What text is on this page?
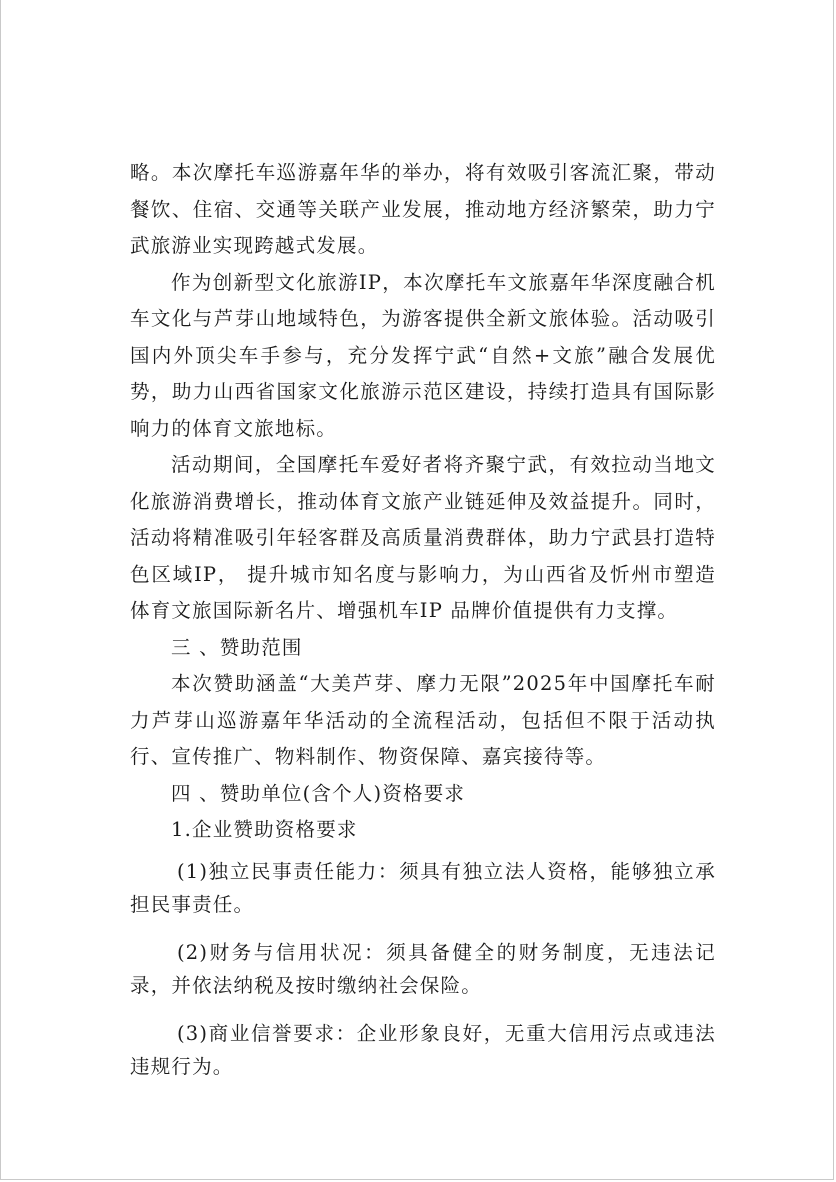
略。本次摩托车巡游嘉年华的举办，将有效吸引客流汇聚，带动餐饮、住宿、交通等关联产业发展，推动地方经济繁荣，助力宁武旅游业实现跨越式发展。

作为创新型文化旅游IP，本次摩托车文旅嘉年华深度融合机车文化与芦芽山地域特色，为游客提供全新文旅体验。活动吸引国内外顶尖车手参与，充分发挥宁武“自然+文旅”融合发展优势，助力山西省国家文化旅游示范区建设，持续打造具有国际影响力的体育文旅地标。

活动期间，全国摩托车爱好者将齐聚宁武，有效拉动当地文化旅游消费增长，推动体育文旅产业链延伸及效益提升。同时，活动将精准吸引年轻客群及高质量消费群体，助力宁武县打造特色区域IP， 提升城市知名度与影响力，为山西省及忻州市塑造体育文旅国际新名片、增强机车IP 品牌价值提供有力支撑。

三 、赞助范围

本次赞助涵盖“大美芦芽、摩力无限”2025年中国摩托车耐力芦芽山巡游嘉年华活动的全流程活动，包括但不限于活动执行、宣传推广、物料制作、物资保障、嘉宾接待等。

四 、赞助单位(含个人)资格要求

1.企业赞助资格要求

(1)独立民事责任能力：须具有独立法人资格，能够独立承担民事责任。

(2)财务与信用状况：须具备健全的财务制度，无违法记录，并依法纳税及按时缴纳社会保险。

(3)商业信誉要求：企业形象良好，无重大信用污点或违法违规行为。
